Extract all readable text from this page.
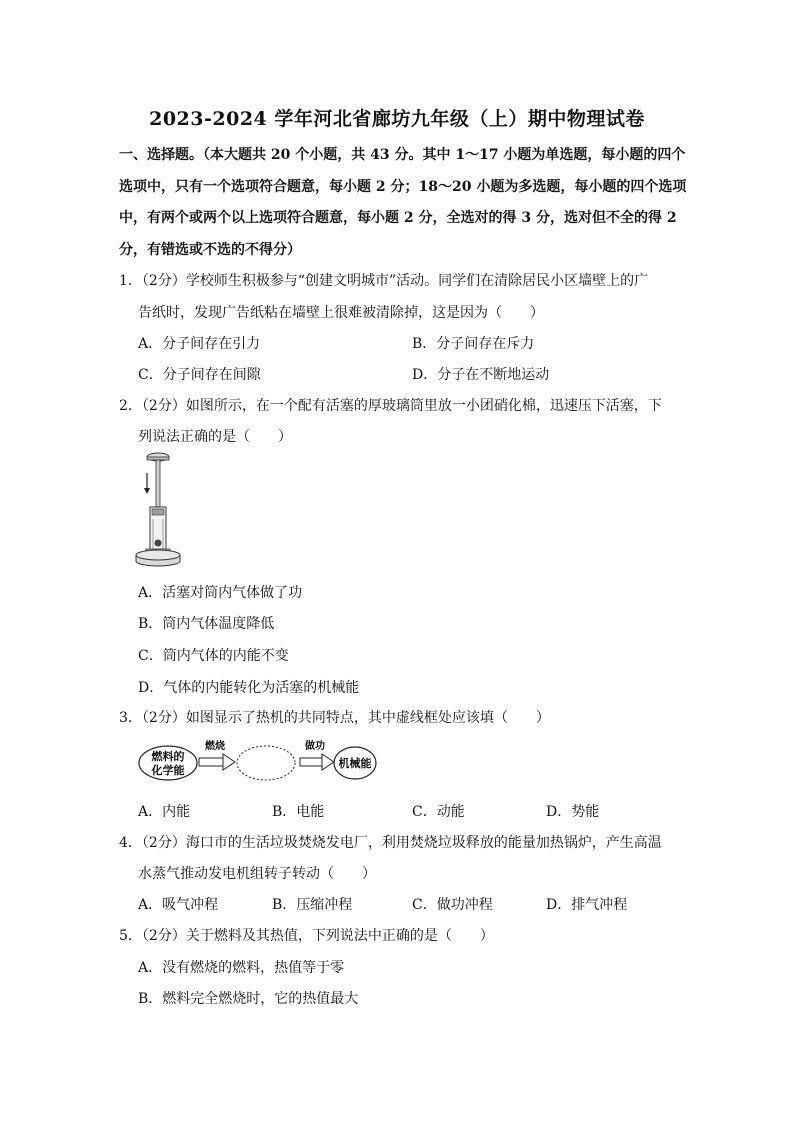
2023-2024 学年河北省廊坊九年级（上）期中物理试卷

一、选择题。（本大题共 20 个小题，共 43 分。其中 1～17 小题为单选题，每小题的四个

选项中，只有一个选项符合题意，每小题 2 分；18～20 小题为多选题，每小题的四个选项

中，有两个或两个以上选项符合题意，每小题 2 分，全选对的得 3 分，选对但不全的得 2

分，有错选或不选的不得分）

1．（2分）学校师生积极参与“创建文明城市”活动。同学们在清除居民小区墙壁上的广
告纸时，发现广告纸粘在墙壁上很难被清除掉，这是因为（　　）
A．分子间存在引力	B．分子间存在斥力
C．分子间存在间隙	D．分子在不断地运动
2．（2分）如图所示，在一个配有活塞的厚玻璃筒里放一小团硝化棉，迅速压下活塞，下
列说法正确的是（　　）
A．活塞对筒内气体做了功
B．筒内气体温度降低
C．筒内气体的内能不变
D．气体的内能转化为活塞的机械能
3．（2分）如图显示了热机的共同特点，其中虚线框处应该填（　　）
燃料的
化学能
燃烧	做功
机械能
A．内能	B．电能	C．动能	D．势能
4．（2分）海口市的生活垃圾焚烧发电厂，利用焚烧垃圾释放的能量加热锅炉，产生高温
水蒸气推动发电机组转子转动（　　）
A．吸气冲程	B．压缩冲程	C．做功冲程	D．排气冲程
5．（2分）关于燃料及其热值，下列说法中正确的是（　　）
A．没有燃烧的燃料，热值等于零
B．燃料完全燃烧时，它的热值最大
